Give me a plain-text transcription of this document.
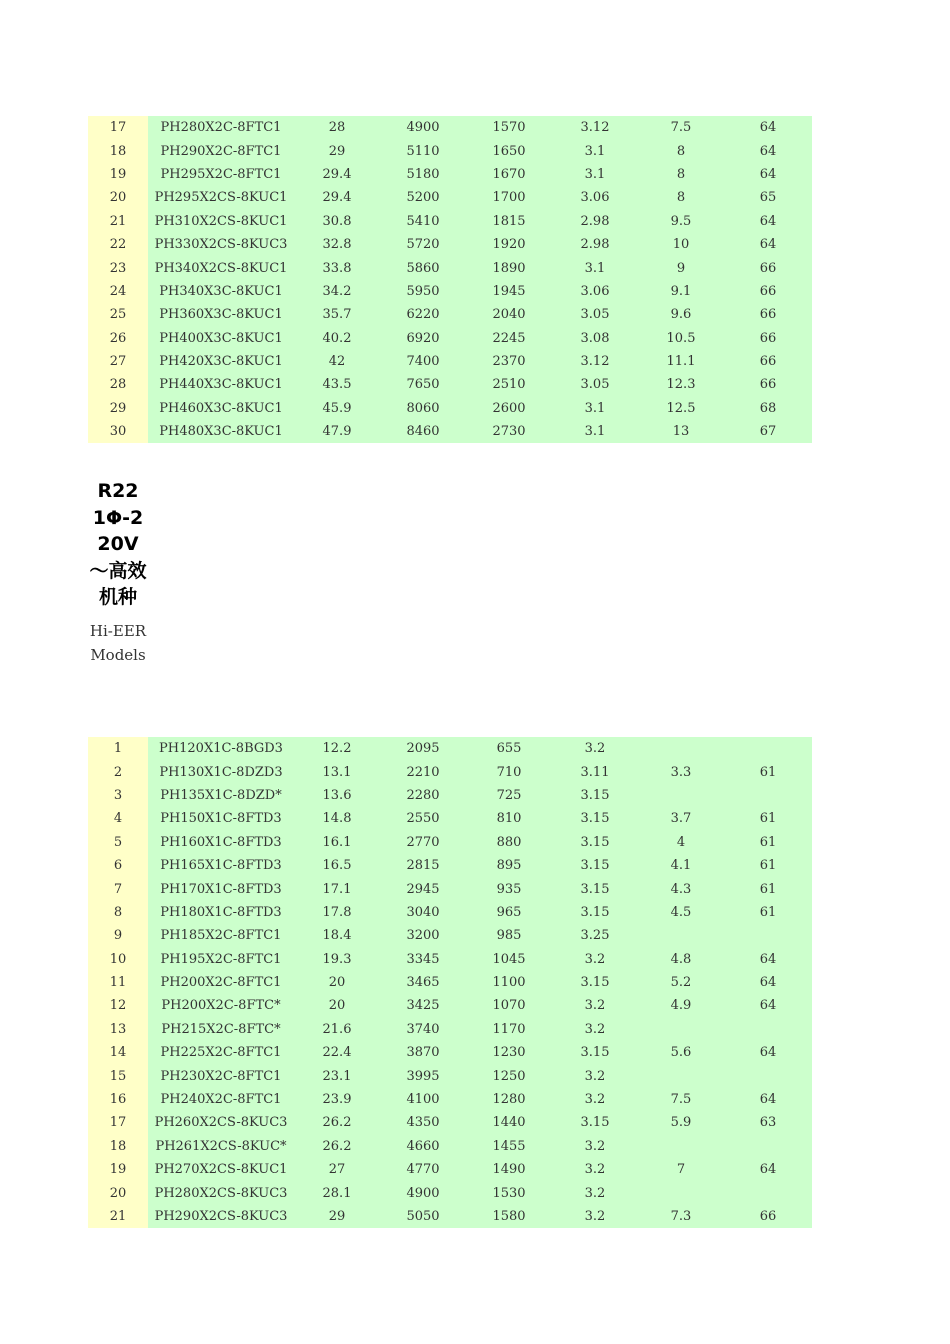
17	PH280X2C-8FTC1	28	4900	1570	3.12	7.5	64
18	PH290X2C-8FTC1	29	5110	1650	3.1	8	64
19	PH295X2C-8FTC1	29.4	5180	1670	3.1	8	64
20	PH295X2CS-8KUC1	29.4	5200	1700	3.06	8	65
21	PH310X2CS-8KUC1	30.8	5410	1815	2.98	9.5	64
22	PH330X2CS-8KUC3	32.8	5720	1920	2.98	10	64
23	PH340X2CS-8KUC1	33.8	5860	1890	3.1	9	66
24	PH340X3C-8KUC1	34.2	5950	1945	3.06	9.1	66
25	PH360X3C-8KUC1	35.7	6220	2040	3.05	9.6	66
26	PH400X3C-8KUC1	40.2	6920	2245	3.08	10.5	66
27	PH420X3C-8KUC1	42	7400	2370	3.12	11.1	66
28	PH440X3C-8KUC1	43.5	7650	2510	3.05	12.3	66
29	PH460X3C-8KUC1	45.9	8060	2600	3.1	12.5	68
30	PH480X3C-8KUC1	47.9	8460	2730	3.1	13	67
R22 1Φ-220V～高效机种
Hi-EERModels
1	PH120X1C-8BGD3	12.2	2095	655	3.2		
2	PH130X1C-8DZD3	13.1	2210	710	3.11	3.3	61
3	PH135X1C-8DZD*	13.6	2280	725	3.15		
4	PH150X1C-8FTD3	14.8	2550	810	3.15	3.7	61
5	PH160X1C-8FTD3	16.1	2770	880	3.15	4	61
6	PH165X1C-8FTD3	16.5	2815	895	3.15	4.1	61
7	PH170X1C-8FTD3	17.1	2945	935	3.15	4.3	61
8	PH180X1C-8FTD3	17.8	3040	965	3.15	4.5	61
9	PH185X2C-8FTC1	18.4	3200	985	3.25		
10	PH195X2C-8FTC1	19.3	3345	1045	3.2	4.8	64
11	PH200X2C-8FTC1	20	3465	1100	3.15	5.2	64
12	PH200X2C-8FTC*	20	3425	1070	3.2	4.9	64
13	PH215X2C-8FTC*	21.6	3740	1170	3.2		
14	PH225X2C-8FTC1	22.4	3870	1230	3.15	5.6	64
15	PH230X2C-8FTC1	23.1	3995	1250	3.2		
16	PH240X2C-8FTC1	23.9	4100	1280	3.2	7.5	64
17	PH260X2CS-8KUC3	26.2	4350	1440	3.15	5.9	63
18	PH261X2CS-8KUC*	26.2	4660	1455	3.2		
19	PH270X2CS-8KUC1	27	4770	1490	3.2	7	64
20	PH280X2CS-8KUC3	28.1	4900	1530	3.2		
21	PH290X2CS-8KUC3	29	5050	1580	3.2	7.3	66
